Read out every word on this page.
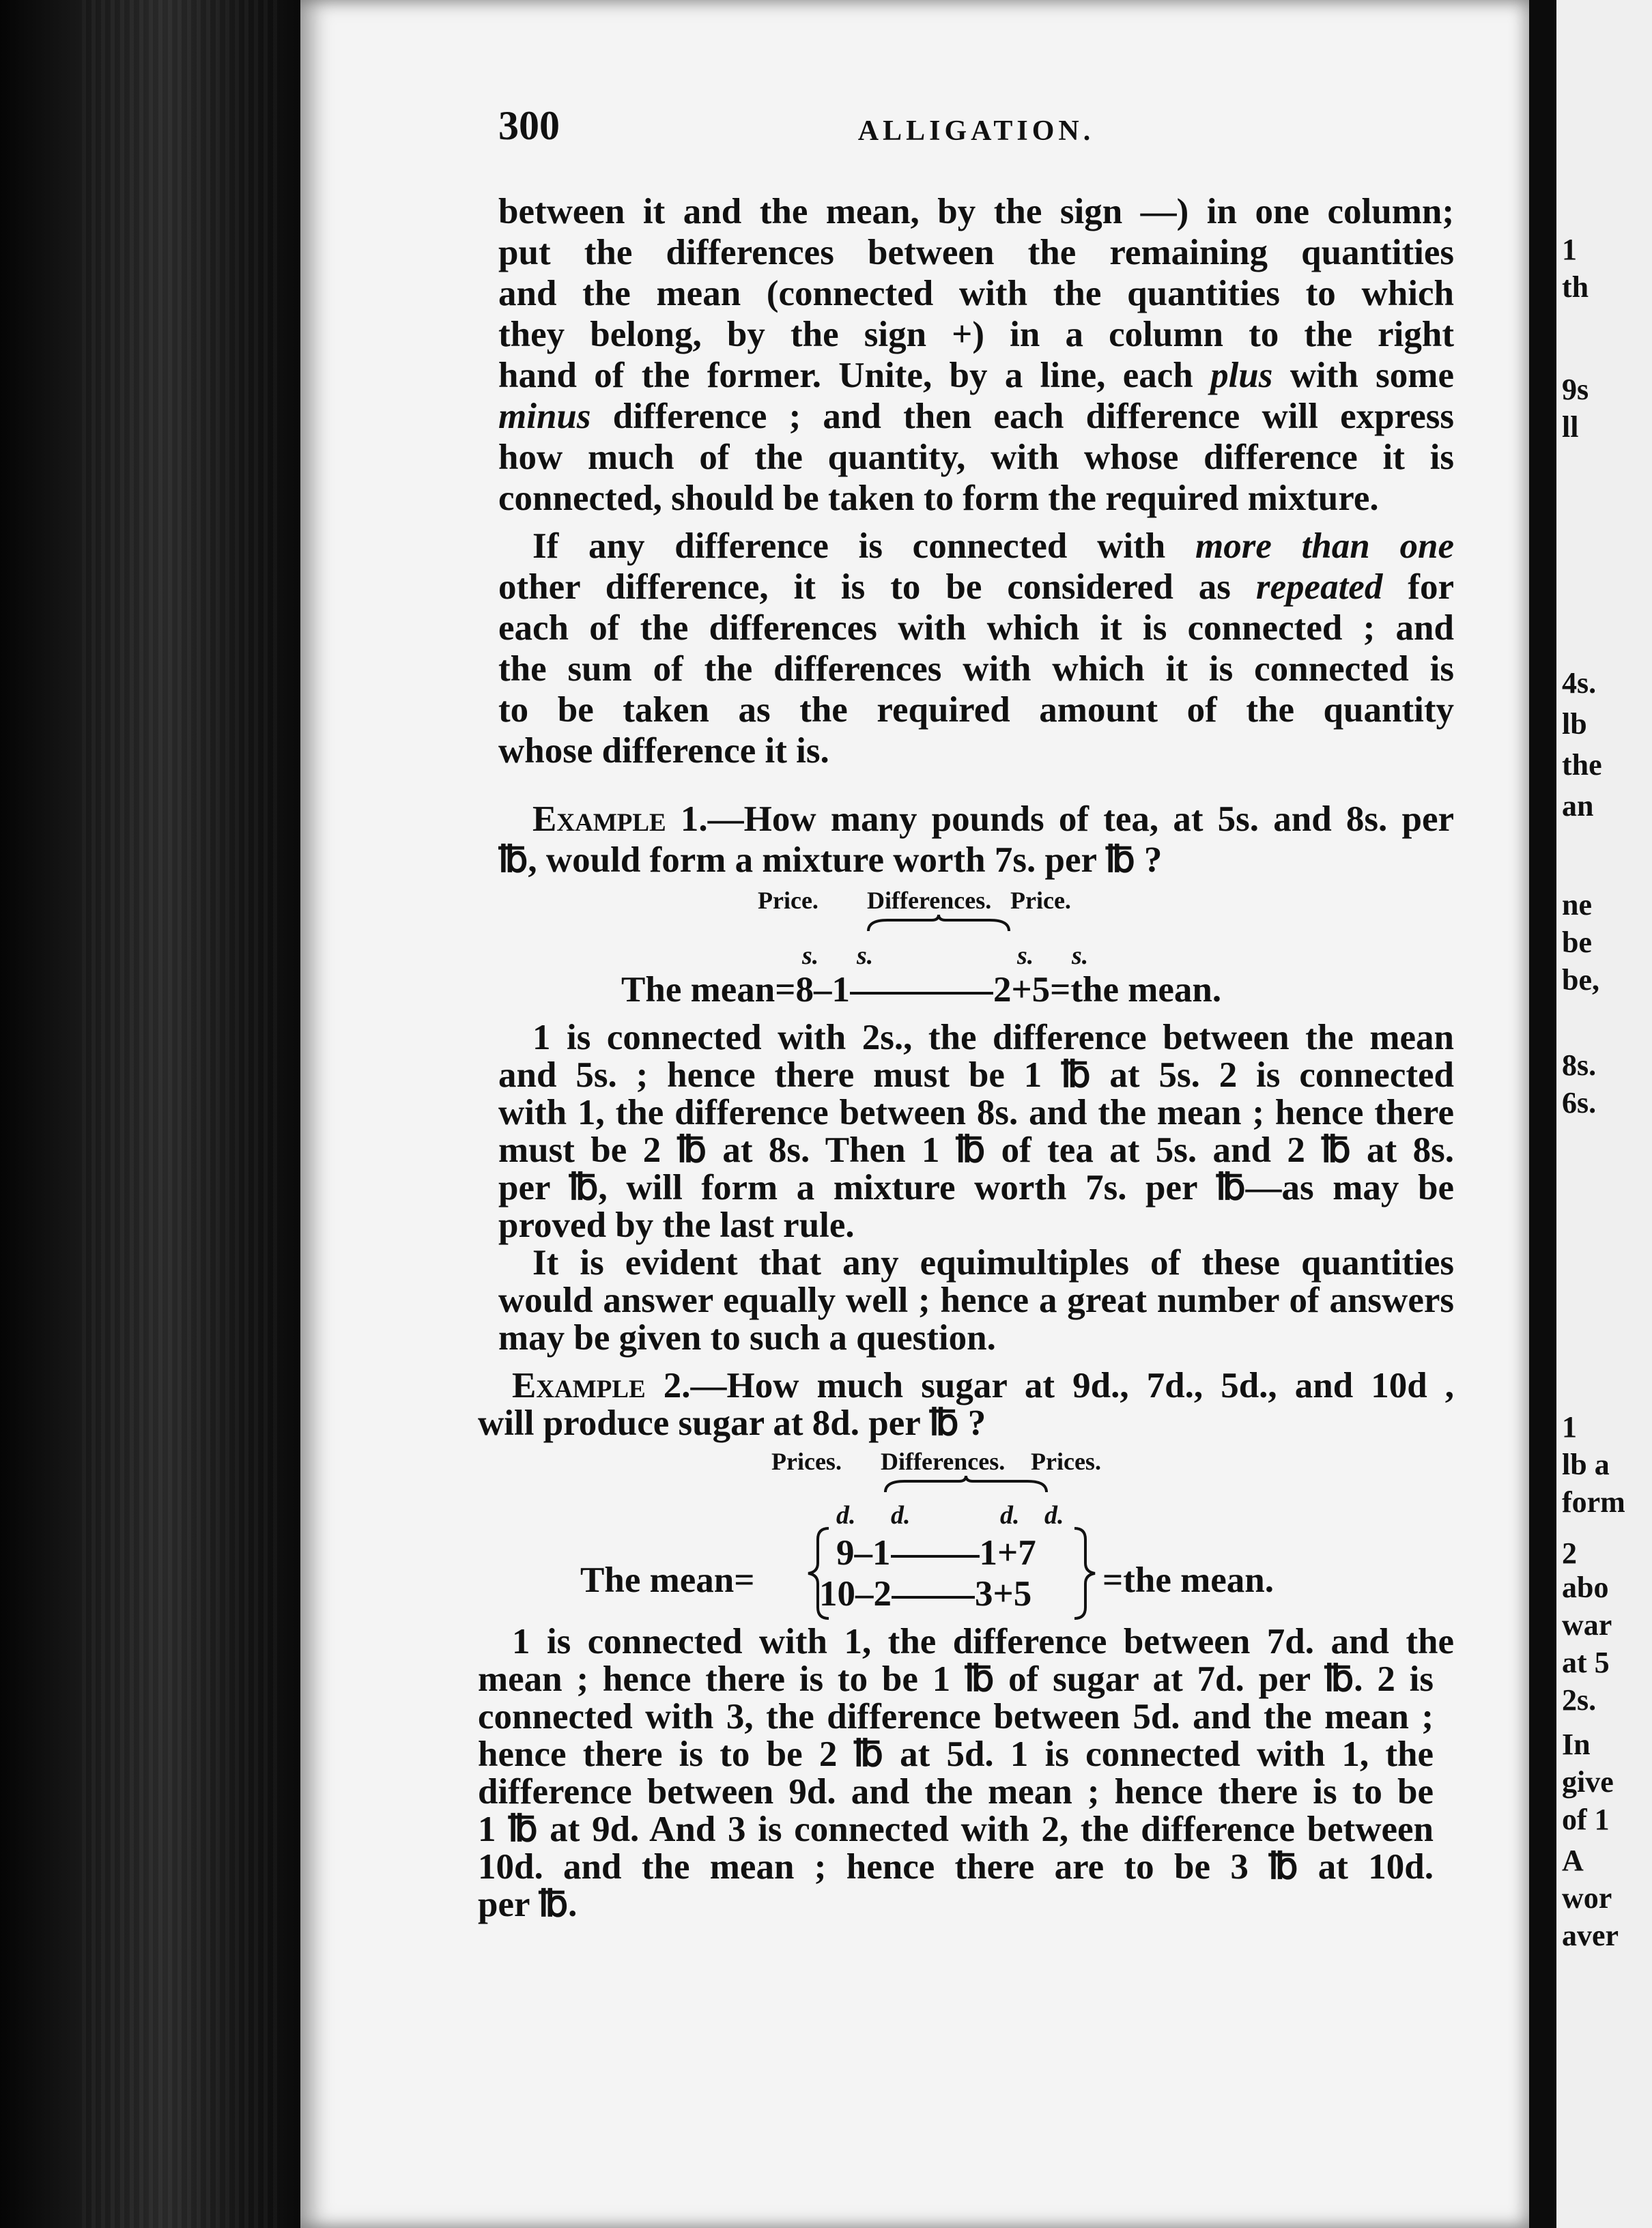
300	ALLIGATION.
between it and the mean, by the sign —) in one column;
put the differences between the remaining quantities
and the mean (connected with the quantities to which
they belong, by the sign +) in a column to the right
hand of the former. Unite, by a line, each plus with some
minus difference ; and then each difference will express
how much of the quantity, with whose difference it is
connected, should be taken to form the required mixture.
If any difference is connected with more than one
other difference, it is to be considered as repeated for
each of the differences with which it is connected ; and
the sum of the differences with which it is connected is
to be taken as the required amount of the quantity
whose difference it is.
Example 1.—How many pounds of tea, at 5s. and 8s. per
℔, would form a mixture worth 7s. per ℔ ?
Price. Differences. Price.
s. s.	s. s.
The mean=8–1	2+5=the mean.
1 is connected with 2s., the difference between the mean
and 5s. ; hence there must be 1 ℔ at 5s. 2 is connected
with 1, the difference between 8s. and the mean ; hence there
must be 2 ℔ at 8s. Then 1 ℔ of tea at 5s. and 2 ℔ at 8s.
per ℔, will form a mixture worth 7s. per ℔—as may be
proved by the last rule.
It is evident that any equimultiples of these quantities
would answer equally well ; hence a great number of answers
may be given to such a question.
Example 2.—How much sugar at 9d., 7d., 5d., and 10d ,
will produce sugar at 8d. per ℔ ?
Prices. Differences. Prices.
d. d.	d. d.
The mean=
9–1 1+7
10–2 3+5 =the mean.
1 is connected with 1, the difference between 7d. and the
mean ; hence there is to be 1 ℔ of sugar at 7d. per ℔. 2 is
connected with 3, the difference between 5d. and the mean ;
hence there is to be 2 ℔ at 5d. 1 is connected with 1, the
difference between 9d. and the mean ; hence there is to be
1 ℔ at 9d. And 3 is connected with 2, the difference between
10d. and the mean ; hence there are to be 3 ℔ at 10d.
per ℔.
1
th
9s
ll
4s.
lb
the
an
ne
be
be,
8s.
6s.
1
lb a
form
2
abo
war
at 5
2s.
In
give
of 1
A
wor
aver
